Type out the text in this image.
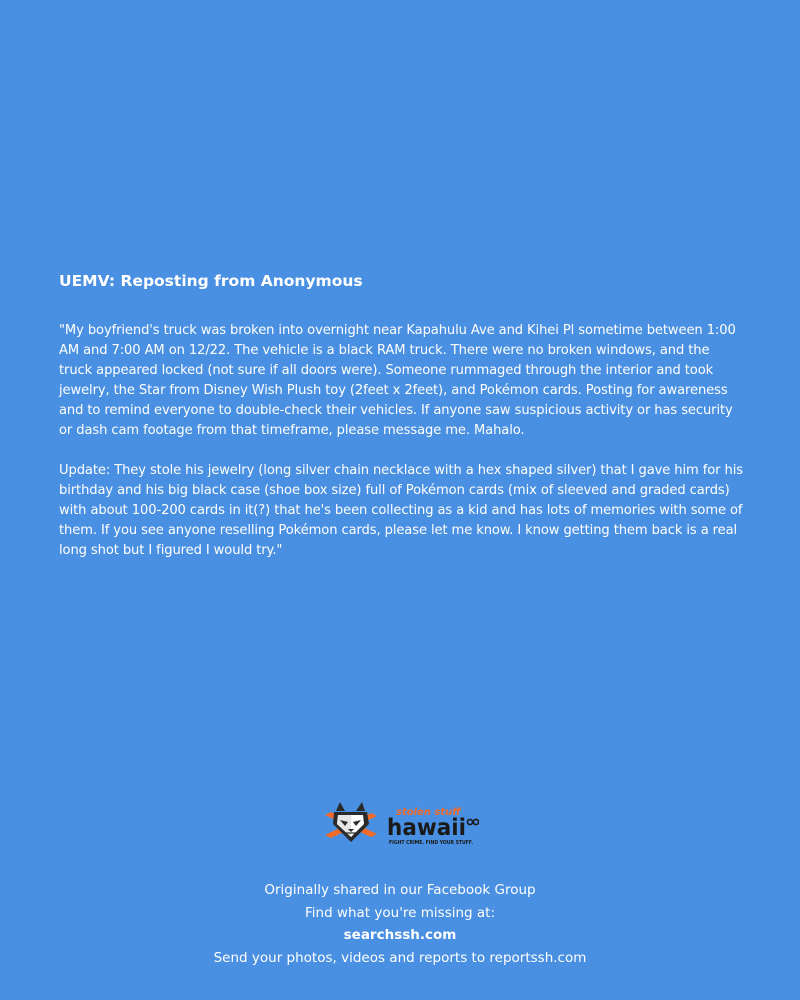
UEMV: Reposting from Anonymous

"My boyfriend's truck was broken into overnight near Kapahulu Ave and Kihei Pl sometime between 1:00 AM and 7:00 AM on 12/22. The vehicle is a black RAM truck. There were no broken windows, and the truck appeared locked (not sure if all doors were). Someone rummaged through the interior and took jewelry, the Star from Disney Wish Plush toy (2feet x 2feet), and Pokémon cards. Posting for awareness and to remind everyone to double-check their vehicles. If anyone saw suspicious activity or has security or dash cam footage from that timeframe, please message me. Mahalo.

Update: They stole his jewelry (long silver chain necklace with a hex shaped silver) that I gave him for his birthday and his big black case (shoe box size) full of Pokémon cards (mix of sleeved and graded cards) with about 100-200 cards in it(?) that he's been collecting as a kid and has lots of memories with some of them. If you see anyone reselling Pokémon cards, please let me know. I know getting them back is a real long shot but I figured I would try."

stolen stuff
hawaii
FIGHT CRIME. FIND YOUR STUFF.
Originally shared in our Facebook Group
Find what you're missing at:
searchssh.com
Send your photos, videos and reports to reportssh.com
